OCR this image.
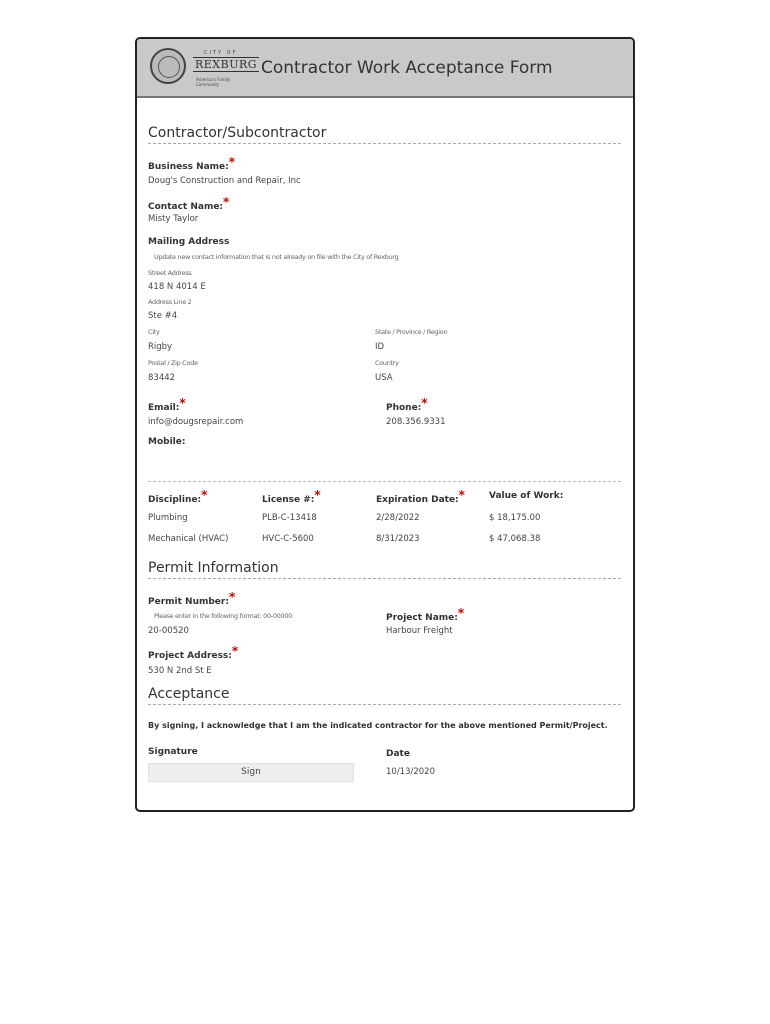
CITY OF
REXBURG
America's Family Community
Contractor Work Acceptance Form
Contractor/Subcontractor
Business Name:*
Doug's Construction and Repair, Inc
Contact Name:*
Misty Taylor
Mailing Address
Update new contact information that is not already on file with the City of Rexburg
Street Address
418 N 4014 E
Address Line 2
Ste #4
City
Rigby
State / Province / Region
ID
Postal / Zip Code
83442
Country
USA
Email:*
info@dougsrepair.com
Phone:*
208.356.9331
Mobile:
Discipline:*	License #:*	Expiration Date:*	Value of Work:
Plumbing	PLB-C-13418	2/28/2022	$ 18,175.00
Mechanical (HVAC)	HVC-C-5600	8/31/2023	$ 47,068.38
Permit Information
Permit Number:*
Please enter in the following format: 00-00000
20-00520
Project Name:*
Harbour Freight
Project Address:*
530 N 2nd St E
Acceptance
By signing, I acknowledge that I am the indicated contractor for the above mentioned Permit/Project.
Signature
Sign
Date
10/13/2020
